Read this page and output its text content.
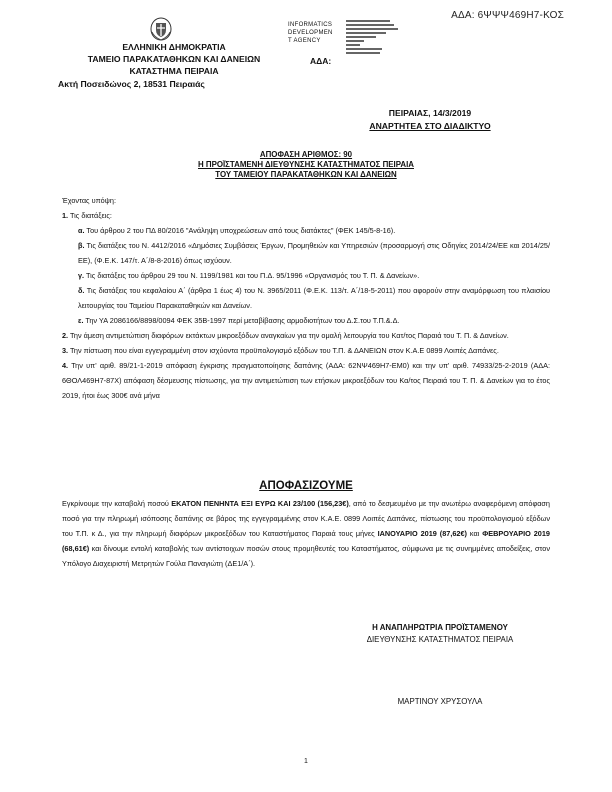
ΑΔΑ: 6ΨΨΨ469Η7-ΚΟΣ
ΕΛΛΗΝΙΚΗ ΔΗΜΟΚΡΑΤΙΑ
ΤΑΜΕΙΟ ΠΑΡΑΚΑΤΑΘΗΚΩΝ ΚΑΙ ΔΑΝΕΙΩΝ
ΚΑΤΑΣΤΗΜΑ ΠΕΙΡΑΙΑ
Ακτή Ποσειδώνος 2, 18531 Πειραιάς
INFORMATICS
DEVELOPMEN
T AGENCY
ΑΔΑ:
ΠΕΙΡΑΙΑΣ, 14/3/2019
ΑΝΑΡΤΗΤΕΑ ΣΤΟ ΔΙΑΔΙΚΤΥΟ
ΑΠΟΦΑΣΗ ΑΡΙΘΜΟΣ: 90
Η ΠΡΟΪΣΤΑΜΕΝΗ ΔΙΕΥΘΥΝΣΗΣ ΚΑΤΑΣΤΗΜΑΤΟΣ ΠΕΙΡΑΙΑ
ΤΟΥ ΤΑΜΕΙΟΥ ΠΑΡΑΚΑΤΑΘΗΚΩΝ ΚΑΙ ΔΑΝΕΙΩΝ

Έχοντας υπόψη:

1. Τις διατάξεις:

α. Του άρθρου 2 του ΠΔ 80/2016 "Ανάληψη υποχρεώσεων από τους διατάκτες" (ΦΕΚ 145/5-8-16).

β. Τις διατάξεις του Ν. 4412/2016 «Δημόσιες Συμβάσεις Έργων, Προμηθειών και Υπηρεσιών (προσαρμογή στις Οδηγίες 2014/24/ΕΕ και 2014/25/ΕΕ), (Φ.Ε.Κ. 147/τ. Α΄/8-8-2016) όπως ισχύουν.

γ. Τις διατάξεις του άρθρου 29 του Ν. 1199/1981 και του Π.Δ. 95/1996 «Οργανισμός του Τ. Π. & Δανείων».

δ. Τις διατάξεις του κεφαλαίου Α΄ (άρθρα 1 έως 4) του Ν. 3965/2011 (Φ.Ε.Κ. 113/τ. Α΄/18-5-2011) που αφορούν στην αναμόρφωση του πλαισίου λειτουργίας του Ταμείου Παρακαταθηκών και Δανείων.

ε. Την ΥΑ 2086166/8898/0094 ΦΕΚ 35Β-1997 περί μεταβίβασης αρμοδιοτήτων του Δ.Σ.του Τ.Π.&.Δ.

2. Την άμεση αντιμετώπιση διαφόρων εκτάκτων μικροεξόδων αναγκαίων για την ομαλή λειτουργία του Κατ/τος Παραιά του Τ. Π. & Δανείων.

3. Την πίστωση που είναι εγγεγραμμένη στον ισχύοντα προϋπολογισμό εξόδων του Τ.Π. & ΔΑΝΕΙΩΝ στον Κ.Α.Ε 0899 Λοιπές Δαπάνες.

4. Την υπ' αριθ. 89/21-1-2019 απόφαση έγκρισης πραγματοποίησης δαπάνης (ΑΔΑ: 62ΝΨ469Η7-ΕΜ0) και την υπ' αριθ. 74933/25-2-2019 (ΑΔΑ: 6ΘΟΛ469Η7-87Χ) απόφαση δέσμευσης πίστωσης, για την αντιμετώπιση των ετήσιων μικροεξόδων του Κα/τος Πειραιά του Τ. Π. & Δανείων για το έτος 2019, ήτοι έως 300€ ανά μήνα

ΑΠΟΦΑΣΙΖΟΥΜΕ
Εγκρίνουμε την καταβολή ποσού ΕΚΑΤΟΝ ΠΕΝΗΝΤΑ ΕΞΙ ΕΥΡΩ ΚΑΙ 23/100 (156,23€), από το δεσμευμένο με την ανωτέρω αναφερόμενη απόφαση ποσό για την πληρωμή ισόποσης δαπάνης σε βάρος της εγγεγραμμένης στον Κ.Α.Ε. 0899 Λοιπές Δαπάνες, πίστωσης του προϋπολογισμού εξόδων του Τ.Π. κ Δ., για την πληρωμή διαφόρων μικροεξόδων του Καταστήματος Παραιά τους μήνες ΙΑΝΟΥΑΡΙΟ 2019 (87,62€) και ΦΕΒΡΟΥΑΡΙΟ 2019 (68,61€) και δίνουμε εντολή καταβολής των αντίστοιχων ποσών στους προμηθευτές του Καταστήματος, σύμφωνα με τις συνημμένες αποδείξεις, στον Υπόλογο Διαχειριστή Μετρητών Γούλα Παναγιώτη (ΔΕ1/Α΄).
Η ΑΝΑΠΛΗΡΩΤΡΙΑ ΠΡΟΪΣΤΑΜΕΝΟΥ
ΔΙΕΥΘΥΝΣΗΣ ΚΑΤΑΣΤΗΜΑΤΟΣ ΠΕΙΡΑΙΑ
ΜΑΡΤΙΝΟΥ ΧΡΥΣΟΥΛΑ
1
